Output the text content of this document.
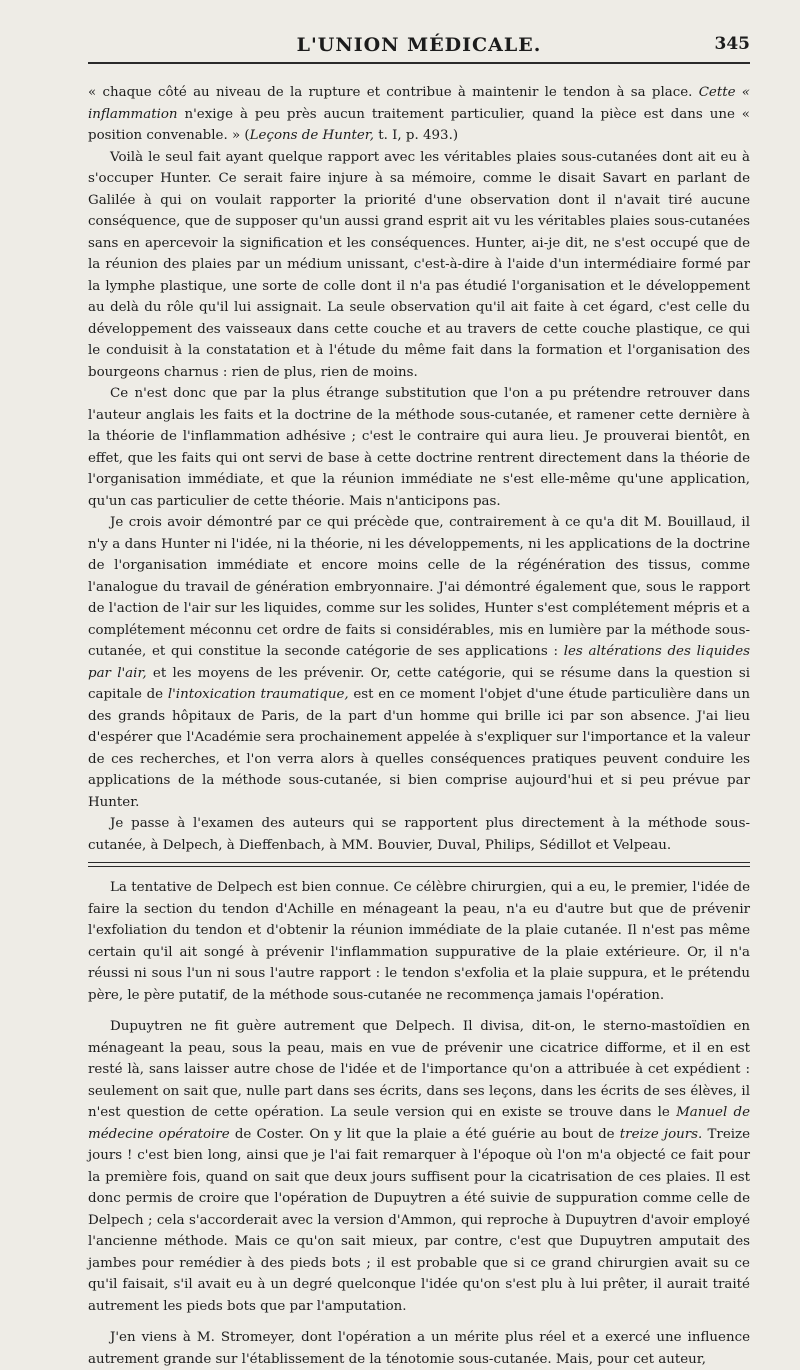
L'UNION MÉDICALE.	345

« chaque côté au niveau de la rupture et contribue à maintenir le tendon à sa place. Cette « inflammation n'exige à peu près aucun traitement particulier, quand la pièce est dans une « position convenable. » (Leçons de Hunter, t. I, p. 493.)

Voilà le seul fait ayant quelque rapport avec les véritables plaies sous-cutanées dont ait eu à s'occuper Hunter. Ce serait faire injure à sa mémoire, comme le disait Savart en parlant de Galilée à qui on voulait rapporter la priorité d'une observation dont il n'avait tiré aucune conséquence, que de supposer qu'un aussi grand esprit ait vu les véritables plaies sous-cutanées sans en apercevoir la signification et les conséquences. Hunter, ai-je dit, ne s'est occupé que de la réunion des plaies par un médium unissant, c'est-à-dire à l'aide d'un intermédiaire formé par la lymphe plastique, une sorte de colle dont il n'a pas étudié l'organisation et le développement au delà du rôle qu'il lui assignait. La seule observation qu'il ait faite à cet égard, c'est celle du développement des vaisseaux dans cette couche et au travers de cette couche plastique, ce qui le conduisit à la constatation et à l'étude du même fait dans la formation et l'organisation des bourgeons charnus : rien de plus, rien de moins.

Ce n'est donc que par la plus étrange substitution que l'on a pu prétendre retrouver dans l'auteur anglais les faits et la doctrine de la méthode sous-cutanée, et ramener cette dernière à la théorie de l'inflammation adhésive ; c'est le contraire qui aura lieu. Je prouverai bientôt, en effet, que les faits qui ont servi de base à cette doctrine rentrent directement dans la théorie de l'organisation immédiate, et que la réunion immédiate ne s'est elle-même qu'une application, qu'un cas particulier de cette théorie. Mais n'anticipons pas.

Je crois avoir démontré par ce qui précède que, contrairement à ce qu'a dit M. Bouillaud, il n'y a dans Hunter ni l'idée, ni la théorie, ni les développements, ni les applications de la doctrine de l'organisation immédiate et encore moins celle de la régénération des tissus, comme l'analogue du travail de génération embryonnaire. J'ai démontré également que, sous le rapport de l'action de l'air sur les liquides, comme sur les solides, Hunter s'est complétement mépris et a complétement méconnu cet ordre de faits si considérables, mis en lumière par la méthode sous-cutanée, et qui constitue la seconde catégorie de ses applications : les altérations des liquides par l'air, et les moyens de les prévenir. Or, cette catégorie, qui se résume dans la question si capitale de l'intoxication traumatique, est en ce moment l'objet d'une étude particulière dans un des grands hôpitaux de Paris, de la part d'un homme qui brille ici par son absence. J'ai lieu d'espérer que l'Académie sera prochainement appelée à s'expliquer sur l'importance et la valeur de ces recherches, et l'on verra alors à quelles conséquences pratiques peuvent conduire les applications de la méthode sous-cutanée, si bien comprise aujourd'hui et si peu prévue par Hunter.

Je passe à l'examen des auteurs qui se rapportent plus directement à la méthode sous-cutanée, à Delpech, à Dieffenbach, à MM. Bouvier, Duval, Philips, Sédillot et Velpeau.

La tentative de Delpech est bien connue. Ce célèbre chirurgien, qui a eu, le premier, l'idée de faire la section du tendon d'Achille en ménageant la peau, n'a eu d'autre but que de prévenir l'exfoliation du tendon et d'obtenir la réunion immédiate de la plaie cutanée. Il n'est pas même certain qu'il ait songé à prévenir l'inflammation suppurative de la plaie extérieure. Or, il n'a réussi ni sous l'un ni sous l'autre rapport : le tendon s'exfolia et la plaie suppura, et le prétendu père, le père putatif, de la méthode sous-cutanée ne recommença jamais l'opération.

Dupuytren ne fit guère autrement que Delpech. Il divisa, dit-on, le sterno-mastoïdien en ménageant la peau, sous la peau, mais en vue de prévenir une cicatrice difforme, et il en est resté là, sans laisser autre chose de l'idée et de l'importance qu'on a attribuée à cet expédient : seulement on sait que, nulle part dans ses écrits, dans ses leçons, dans les écrits de ses élèves, il n'est question de cette opération. La seule version qui en existe se trouve dans le Manuel de médecine opératoire de Coster. On y lit que la plaie a été guérie au bout de treize jours. Treize jours ! c'est bien long, ainsi que je l'ai fait remarquer à l'époque où l'on m'a objecté ce fait pour la première fois, quand on sait que deux jours suffisent pour la cicatrisation de ces plaies. Il est donc permis de croire que l'opération de Dupuytren a été suivie de suppuration comme celle de Delpech ; cela s'accorderait avec la version d'Ammon, qui reproche à Dupuytren d'avoir employé l'ancienne méthode. Mais ce qu'on sait mieux, par contre, c'est que Dupuytren amputait des jambes pour remédier à des pieds bots ; il est probable que si ce grand chirurgien avait su ce qu'il faisait, s'il avait eu à un degré quelconque l'idée qu'on s'est plu à lui prêter, il aurait traité autrement les pieds bots que par l'amputation.

J'en viens à M. Stromeyer, dont l'opération a un mérite plus réel et a exercé une influence autrement grande sur l'établissement de la ténotomie sous-cutanée. Mais, pour cet auteur,
